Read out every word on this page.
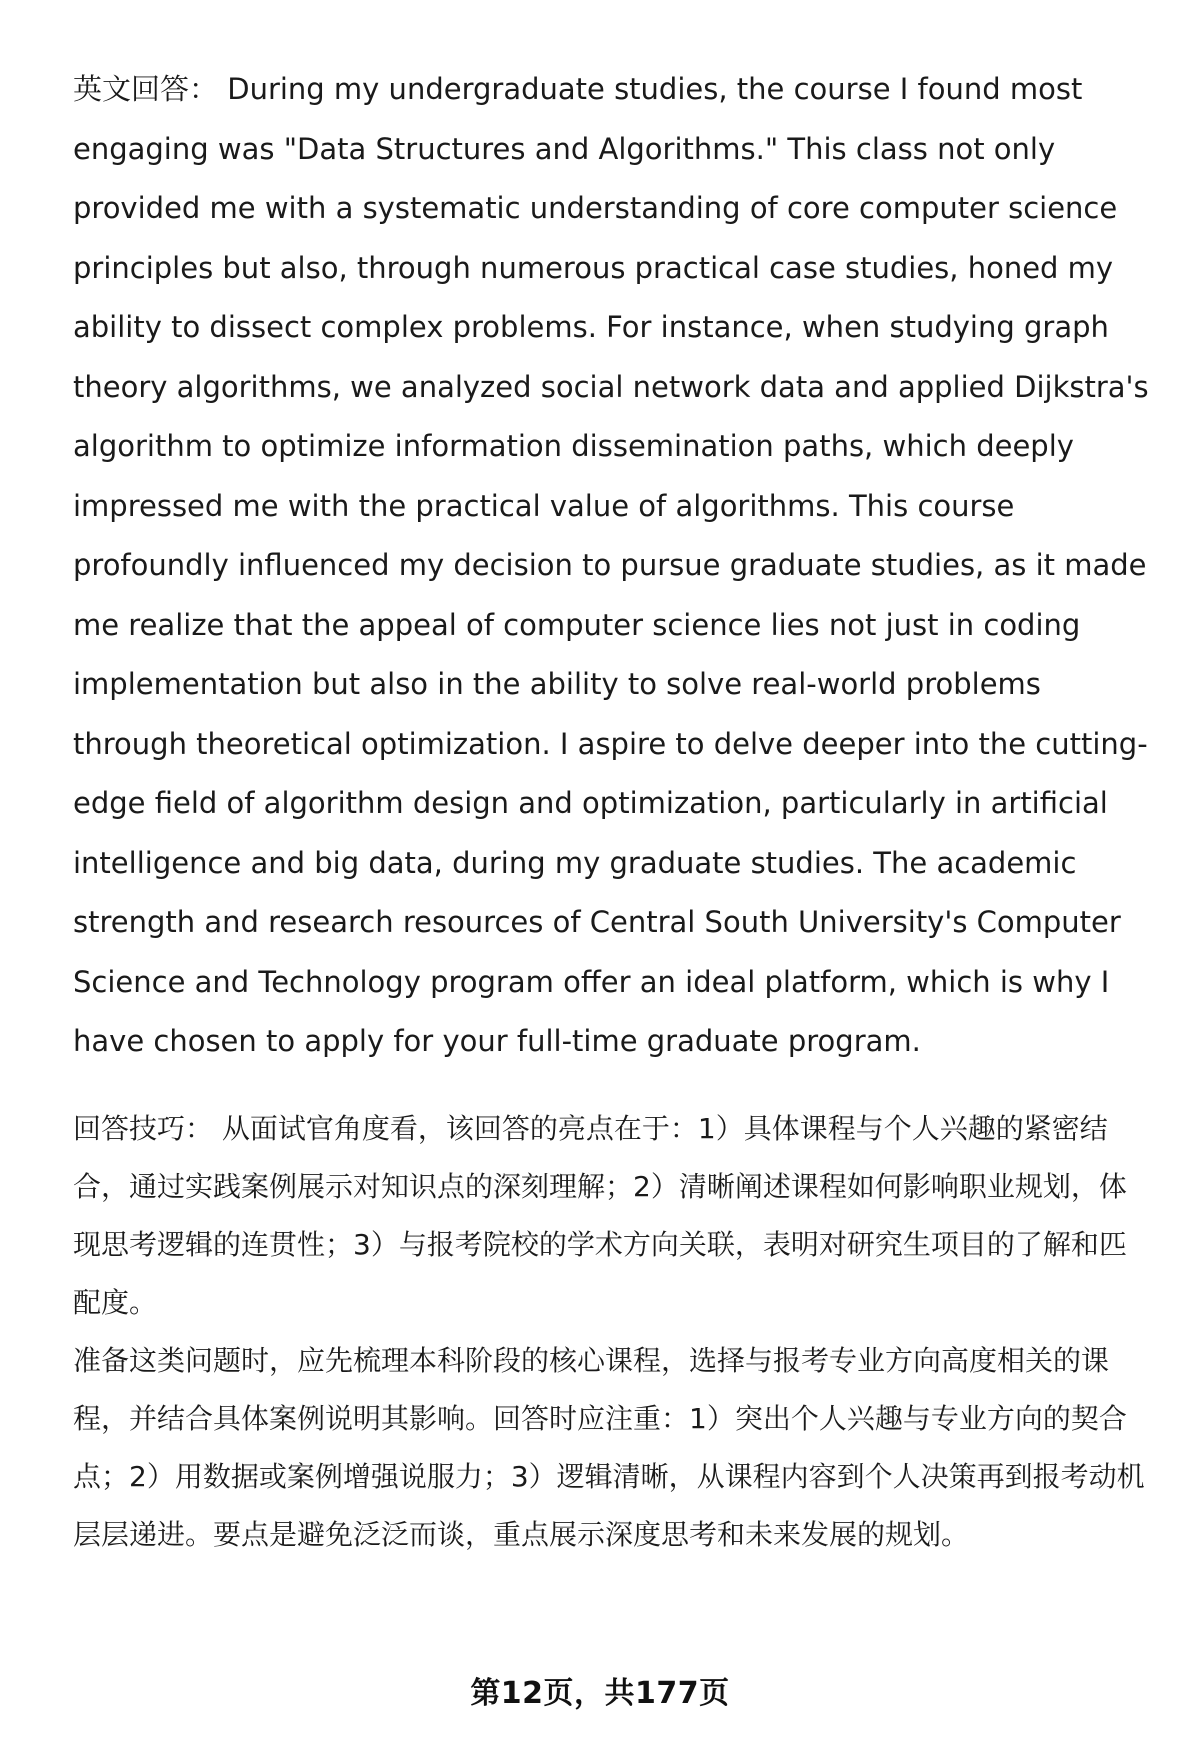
英文回答： During my undergraduate studies, the course I found most engaging was "Data Structures and Algorithms." This class not only provided me with a systematic understanding of core computer science principles but also, through numerous practical case studies, honed my ability to dissect complex problems. For instance, when studying graph theory algorithms, we analyzed social network data and applied Dijkstra's algorithm to optimize information dissemination paths, which deeply impressed me with the practical value of algorithms. This course profoundly influenced my decision to pursue graduate studies, as it made me realize that the appeal of computer science lies not just in coding implementation but also in the ability to solve real-world problems through theoretical optimization. I aspire to delve deeper into the cutting-edge field of algorithm design and optimization, particularly in artificial intelligence and big data, during my graduate studies. The academic strength and research resources of Central South University's Computer Science and Technology program offer an ideal platform, which is why I have chosen to apply for your full-time graduate program.

回答技巧： 从面试官角度看，该回答的亮点在于：1）具体课程与个人兴趣的紧密结合，通过实践案例展示对知识点的深刻理解；2）清晰阐述课程如何影响职业规划，体现思考逻辑的连贯性；3）与报考院校的学术方向关联，表明对研究生项目的了解和匹配度。

准备这类问题时，应先梳理本科阶段的核心课程，选择与报考专业方向高度相关的课程，并结合具体案例说明其影响。回答时应注重：1）突出个人兴趣与专业方向的契合点；2）用数据或案例增强说服力；3）逻辑清晰，从课程内容到个人决策再到报考动机层层递进。要点是避免泛泛而谈，重点展示深度思考和未来发展的规划。

第12页，共177页
